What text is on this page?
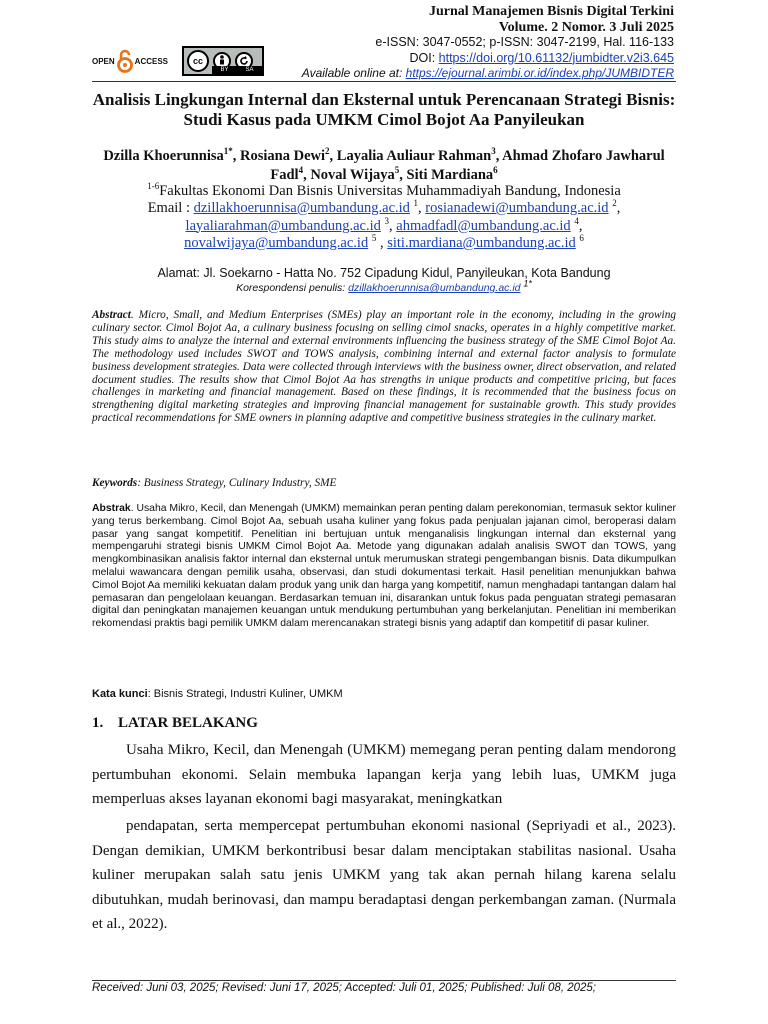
Jurnal Manajemen Bisnis Digital Terkini
Volume. 2 Nomor. 3 Juli 2025
e-ISSN: 3047-0552; p-ISSN: 3047-2199, Hal. 116-133
DOI: https://doi.org/10.61132/jumbidter.v2i3.645
Available online at: https://ejournal.arimbi.or.id/index.php/JUMBIDTER
OPEN	ACCESS	cc
BY	SA
Analisis Lingkungan Internal dan Eksternal untuk Perencanaan Strategi Bisnis: Studi Kasus pada UMKM Cimol Bojot Aa Panyileukan
Dzilla Khoerunnisa$^{1*}$, Rosiana Dewi$^2$, Layalia Auliaur Rahman$^3$, Ahmad Zhofaro Jawharul Fadl$^4$, Noval Wijaya$^5$, Siti Mardiana$^6$
$^{1-6}$Fakultas Ekonomi Dan Bisnis Universitas Muhammadiyah Bandung, Indonesia
Email : dzillakhoerunnisa@umbandung.ac.id $^1$, rosianadewi@umbandung.ac.id $^2$,
layaliarahman@umbandung.ac.id $^3$, ahmadfadl@umbandung.ac.id $^4$,
novalwijaya@umbandung.ac.id $^5$ , siti.mardiana@umbandung.ac.id $^6$
Alamat: Jl. Soekarno - Hatta No. 752 Cipadung Kidul, Panyileukan, Kota Bandung
Korespondensi penulis: dzillakhoerunnisa@umbandung.ac.id $^{1*}$
Abstract. Micro, Small, and Medium Enterprises (SMEs) play an important role in the economy, including in the growing culinary sector. Cimol Bojot Aa, a culinary business focusing on selling cimol snacks, operates in a highly competitive market. This study aims to analyze the internal and external environments influencing the business strategy of the SME Cimol Bojot Aa. The methodology used includes SWOT and TOWS analysis, combining internal and external factor analysis to formulate business development strategies. Data were collected through interviews with the business owner, direct observation, and related document studies. The results show that Cimol Bojot Aa has strengths in unique products and competitive pricing, but faces challenges in marketing and financial management. Based on these findings, it is recommended that the business focus on strengthening digital marketing strategies and improving financial management for sustainable growth. This study provides practical recommendations for SME owners in planning adaptive and competitive business strategies in the culinary market.
Keywords: Business Strategy, Culinary Industry, SME
Abstrak. Usaha Mikro, Kecil, dan Menengah (UMKM) memainkan peran penting dalam perekonomian, termasuk sektor kuliner yang terus berkembang. Cimol Bojot Aa, sebuah usaha kuliner yang fokus pada penjualan jajanan cimol, beroperasi dalam pasar yang sangat kompetitif. Penelitian ini bertujuan untuk menganalisis lingkungan internal dan eksternal yang mempengaruhi strategi bisnis UMKM Cimol Bojot Aa. Metode yang digunakan adalah analisis SWOT dan TOWS, yang mengkombinasikan analisis faktor internal dan eksternal untuk merumuskan strategi pengembangan bisnis. Data dikumpulkan melalui wawancara dengan pemilik usaha, observasi, dan studi dokumentasi terkait. Hasil penelitian menunjukkan bahwa Cimol Bojot Aa memiliki kekuatan dalam produk yang unik dan harga yang kompetitif, namun menghadapi tantangan dalam hal pemasaran dan pengelolaan keuangan. Berdasarkan temuan ini, disarankan untuk fokus pada penguatan strategi pemasaran digital dan peningkatan manajemen keuangan untuk mendukung pertumbuhan yang berkelanjutan. Penelitian ini memberikan rekomendasi praktis bagi pemilik UMKM dalam merencanakan strategi bisnis yang adaptif dan kompetitif di pasar kuliner.
Kata kunci: Bisnis Strategi, Industri Kuliner, UMKM
1. LATAR BELAKANG
Usaha Mikro, Kecil, dan Menengah (UMKM) memegang peran penting dalam mendorong pertumbuhan ekonomi. Selain membuka lapangan kerja yang lebih luas, UMKM juga memperluas akses layanan ekonomi bagi masyarakat, meningkatkan
pendapatan, serta mempercepat pertumbuhan ekonomi nasional (Sepriyadi et al., 2023). Dengan demikian, UMKM berkontribusi besar dalam menciptakan stabilitas nasional. Usaha kuliner merupakan salah satu jenis UMKM yang tak akan pernah hilang karena selalu dibutuhkan, mudah berinovasi, dan mampu beradaptasi dengan perkembangan zaman. (Nurmala et al., 2022).
Received: Juni 03, 2025; Revised: Juni 17, 2025; Accepted: Juli 01, 2025; Published: Juli 08, 2025;
